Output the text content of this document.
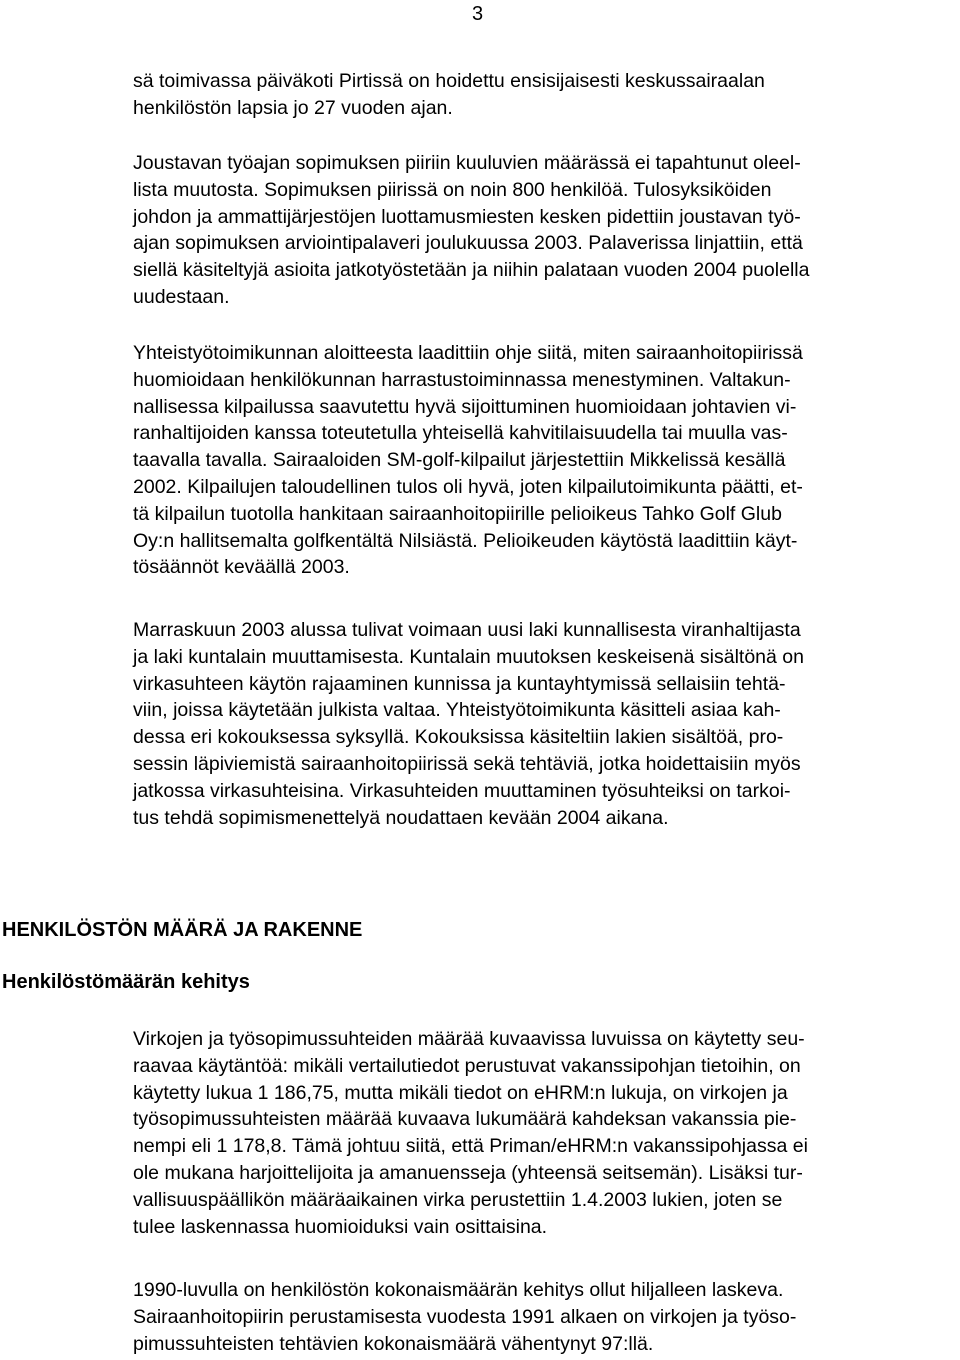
3
sä toimivassa päiväkoti Pirtissä on hoidettu ensisijaisesti keskussairaalan
henkilöstön lapsia jo 27 vuoden ajan.
Joustavan työajan sopimuksen piiriin kuuluvien määrässä ei tapahtunut oleel-
lista muutosta. Sopimuksen piirissä on noin 800 henkilöä. Tulosyksiköiden
johdon ja ammattijärjestöjen luottamusmiesten kesken pidettiin joustavan työ-
ajan sopimuksen arviointipalaveri joulukuussa 2003. Palaverissa linjattiin, että
siellä käsiteltyjä asioita jatkotyöstetään ja niihin palataan vuoden 2004 puolella
uudestaan.
Yhteistyötoimikunnan aloitteesta laadittiin ohje siitä, miten sairaanhoitopiirissä
huomioidaan henkilökunnan harrastustoiminnassa menestyminen. Valtakun-
nallisessa kilpailussa saavutettu hyvä sijoittuminen huomioidaan johtavien vi-
ranhaltijoiden kanssa toteutetulla yhteisellä kahvitilaisuudella tai muulla vas-
taavalla tavalla. Sairaaloiden SM-golf-kilpailut järjestettiin Mikkelissä kesällä
2002. Kilpailujen taloudellinen tulos oli hyvä, joten kilpailutoimikunta päätti, et-
tä kilpailun tuotolla hankitaan sairaanhoitopiirille pelioikeus Tahko Golf Glub
Oy:n hallitsemalta golfkentältä Nilsiästä. Pelioikeuden käytöstä laadittiin käyt-
tösäännöt keväällä 2003.
Marraskuun 2003 alussa tulivat voimaan uusi laki kunnallisesta viranhaltijasta
ja laki kuntalain muuttamisesta. Kuntalain muutoksen keskeisenä sisältönä on
virkasuhteen käytön rajaaminen kunnissa ja kuntayhtymissä sellaisiin tehtä-
viin, joissa käytetään julkista valtaa. Yhteistyötoimikunta käsitteli asiaa kah-
dessa eri kokouksessa syksyllä. Kokouksissa käsiteltiin lakien sisältöä, pro-
sessin läpiviemistä sairaanhoitopiirissä sekä tehtäviä, jotka hoidettaisiin myös
jatkossa virkasuhteisina. Virkasuhteiden muuttaminen työsuhteiksi on tarkoi-
tus tehdä sopimismenettelyä noudattaen kevään 2004 aikana.
HENKILÖSTÖN MÄÄRÄ JA RAKENNE
Henkilöstömäärän kehitys
Virkojen ja työsopimussuhteiden määrää kuvaavissa luvuissa on käytetty seu-
raavaa käytäntöä: mikäli vertailutiedot perustuvat vakanssipohjan tietoihin, on
käytetty lukua 1 186,75, mutta mikäli tiedot on eHRM:n lukuja, on virkojen ja
työsopimussuhteisten määrää kuvaava lukumäärä kahdeksan vakanssia pie-
nempi eli 1 178,8. Tämä johtuu siitä, että Priman/eHRM:n vakanssipohjassa ei
ole mukana harjoittelijoita ja amanuensseja (yhteensä seitsemän). Lisäksi tur-
vallisuuspäällikön määräaikainen virka perustettiin 1.4.2003 lukien, joten se
tulee laskennassa huomioiduksi vain osittaisina.
1990-luvulla on henkilöstön kokonaismäärän kehitys ollut hiljalleen laskeva.
Sairaanhoitopiirin perustamisesta vuodesta 1991 alkaen on virkojen ja työso-
pimussuhteisten tehtävien kokonaismäärä vähentynyt 97:llä.
